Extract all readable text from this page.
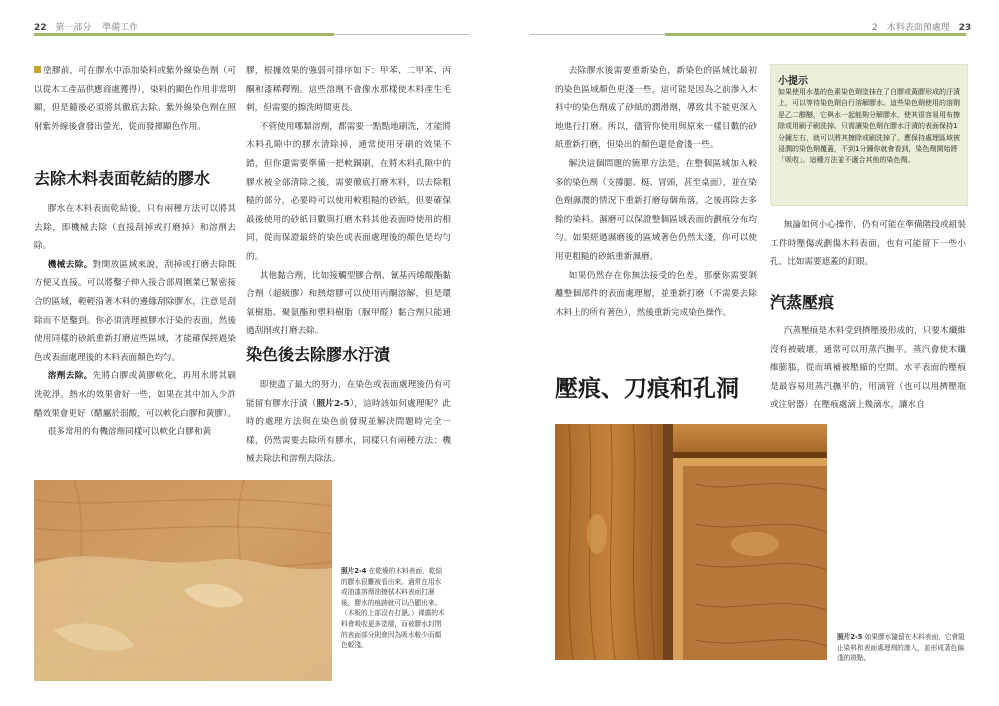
22 第一部分 準備工作	2　木料表面預處理 23

塗膠前，可在膠水中添加染料或紫外線染色劑（可以從木工產品供應商處獲得），染料的顯色作用非常明顯，但是隨後必須將其徹底去除。紫外線染色劑在照射紫外線後會發出螢光，從而發揮顯色作用。

去除木料表面乾結的膠水

膠水在木料表面乾結後，只有兩種方法可以將其去除，即機械去除（直接刮掉或打磨掉）和溶劑去除。

機械去除。對開放區域來說，刮掉或打磨去除既方便又直接。可以將鑿子伸入接合部周圍業已緊密接合的區域，輕輕沿著木料的邊緣刮除膠水，注意是刮除而不是鑿到。你必須清理被膠水汙染的表面，然後使用同樣的砂紙重新打磨這些區域，才能確保經過染色或表面處理後的木料表面顏色均勻。

溶劑去除。先將白膠或黃膠軟化，再用水將其刷洗乾淨。熱水的效果會好一些，如果在其中加入少許醋效果會更好（醋屬於弱酸，可以軟化白膠和黃膠）。

很多常用的有機溶劑同樣可以軟化白膠和黃

膠，根據效果的強弱可排序如下：甲苯、二甲苯、丙酮和漆稀釋劑。這些溶劑不會像水那樣使木料產生毛刺，但需要的擦洗時間更長。

不管使用哪類溶劑，都需要一點點地刷洗，才能將木料孔隙中的膠水清除掉，通常使用牙刷的效果不錯，但你還需要準備一把軟銅刷，在將木料孔隙中的膠水被全部清除之後，需要徹底打磨木料，以去除粗糙的部分，必要時可以使用較粗糙的砂紙，但要確保最後使用的砂紙目數與打磨木料其他表面時使用的相同，從而保證最終的染色或表面處理後的顏色是均勻的。

其他黏合劑，比如接觸型膠合劑、氰基丙烯酸酯黏合劑（超級膠）和熱熔膠可以使用丙酮溶解，但是環氧樹脂、聚氨酯和塑料樹脂（脲甲醛）黏合劑只能通過刮削或打磨去除。

染色後去除膠水汙漬

即使盡了最大的努力，在染色或表面處理後仍有可能留有膠水汙漬（照片2-5），這時該如何處理呢？此時的處理方法與在染色前發現並解決問題時完全一樣，仍然需要去除所有膠水，同樣只有兩種方法：機械去除法和溶劑去除法。

照片2-4 在乾燥的木料表面，乾結的膠水很難被看出來。通常在用水或油漆溶劑油擦拭木料表面打濕後，膠水的痕跡就可以凸顯出來。（木板的上部沒有打濕。）裸露的木料會吸收更多塗層，而被膠水封閉的表面部分則會因為吸水較少而顏色較淺。

去除膠水後需要重新染色，新染色的區域比最初的染色區域顏色更淺一些，這可能是因為之前滲入木料中的染色劑成了砂紙的潤滑劑，導致其不能更深入地進行打磨。所以，儘管你使用與原來一樣目數的砂紙重新打磨，但染出的顏色還是會淺一些。

解決這個問題的簡單方法是，在整個區域加入較多的染色劑（支撐腿、梃、冒頭，甚至桌面），並在染色劑濕潤的情況下重新打磨每個角落，之後再除去多餘的染料。濕磨可以保證整個區域表面的劃痕分布均勻。如果經過濕磨後的區域著色仍然太淺，你可以使用更粗糙的砂紙重新濕磨。

如果仍然存在你無法接受的色差，那麼你需要剝離整個部件的表面處理層，並重新打磨（不需要去除木料上的所有著色），然後重新完成染色操作。

壓痕、刀痕和孔洞
小提示
如果使用水基的色素染色劑塗抹在了白膠或黃膠形成的汙漬上，可以等待染色劑自行溶解膠水。這些染色劑使用的溶劑是乙二醇醚，它與水一起能夠分解膠水，使其很容易用布擦除或用刷子刷洗掉。只需讓染色劑在膠水汙漬的表面保持1分鐘左右，就可以將其擦除或刷洗掉了。應保持處理區域被浸潤的染色劑覆蓋，不到1分鐘你就會看到，染色劑開始將「吸收」。這種方法並不適合其他的染色劑。

無論如何小心操作，仍有可能在準備階段或組裝工件時壓傷或劃傷木料表面，也有可能留下一些小孔，比如需要遮蓋的釘眼。

汽蒸壓痕

汽蒸壓痕是木料受到擠壓後形成的，只要木纖維沒有被破壞，通常可以用蒸汽撫平。蒸汽會使木纖維膨脹，從而填補被壓縮的空間。水平表面的壓痕是最容易用蒸汽撫平的，用滴管（也可以用擠壓瓶或注射器）在壓痕處滴上幾滴水，讓水自

照片2-5 如果膠水隨留在木料表面，它會阻止染料和表面處理劑的滲入，並形成著色偏淺的斑點。
